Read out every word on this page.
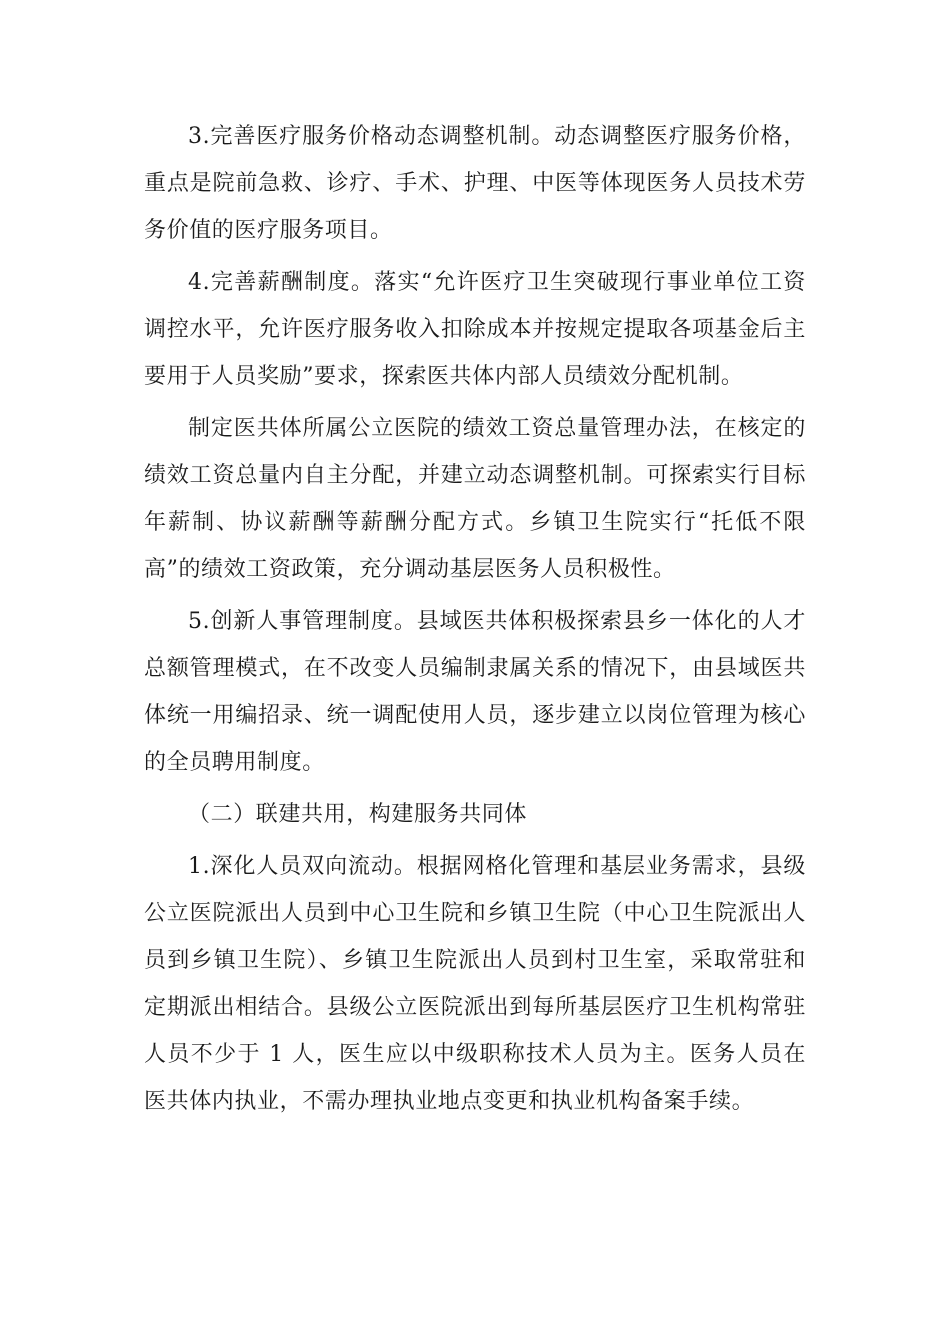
3.完善医疗服务价格动态调整机制。动态调整医疗服务价格，重点是院前急救、诊疗、手术、护理、中医等体现医务人员技术劳务价值的医疗服务项目。

4.完善薪酬制度。落实“允许医疗卫生突破现行事业单位工资调控水平，允许医疗服务收入扣除成本并按规定提取各项基金后主要用于人员奖励”要求，探索医共体内部人员绩效分配机制。

制定医共体所属公立医院的绩效工资总量管理办法，在核定的绩效工资总量内自主分配，并建立动态调整机制。可探索实行目标年薪制、协议薪酬等薪酬分配方式。乡镇卫生院实行“托低不限高”的绩效工资政策，充分调动基层医务人员积极性。

5.创新人事管理制度。县域医共体积极探索县乡一体化的人才总额管理模式，在不改变人员编制隶属关系的情况下，由县域医共体统一用编招录、统一调配使用人员，逐步建立以岗位管理为核心的全员聘用制度。

（二）联建共用，构建服务共同体

1.深化人员双向流动。根据网格化管理和基层业务需求，县级公立医院派出人员到中心卫生院和乡镇卫生院（中心卫生院派出人员到乡镇卫生院）、乡镇卫生院派出人员到村卫生室，采取常驻和定期派出相结合。县级公立医院派出到每所基层医疗卫生机构常驻人员不少于 1 人，医生应以中级职称技术人员为主。医务人员在医共体内执业，不需办理执业地点变更和执业机构备案手续。
